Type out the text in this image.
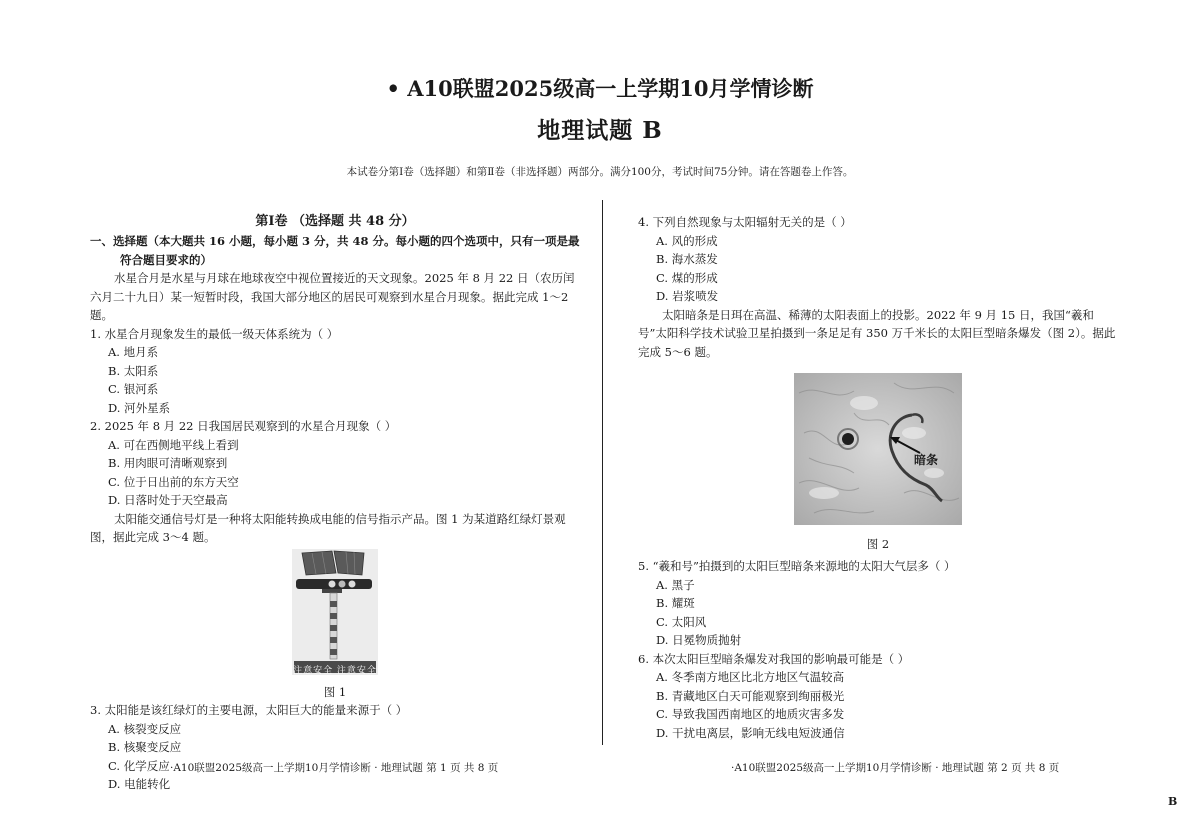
• A10联盟2025级高一上学期10月学情诊断
地理试题 B
本试卷分第Ⅰ卷（选择题）和第Ⅱ卷（非选择题）两部分。满分100分，考试时间75分钟。请在答题卷上作答。
第Ⅰ卷 （选择题 共 48 分）
一、选择题（本大题共 16 小题，每小题 3 分，共 48 分。每小题的四个选项中，只有一项是最符合题目要求的）
水星合月是水星与月球在地球夜空中视位置接近的天文现象。2025 年 8 月 22 日（农历闰六月二十九日）某一短暂时段，我国大部分地区的居民可观察到水星合月现象。据此完成 1～2 题。
1. 水星合月现象发生的最低一级天体系统为（ ）
A. 地月系
B. 太阳系
C. 银河系
D. 河外星系
2. 2025 年 8 月 22 日我国居民观察到的水星合月现象（ ）
A. 可在西侧地平线上看到
B. 用肉眼可清晰观察到
C. 位于日出前的东方天空
D. 日落时处于天空最高
太阳能交通信号灯是一种将太阳能转换成电能的信号指示产品。图 1 为某道路红绿灯景观图，据此完成 3～4 题。
注意安全 注意安全
图 1
3. 太阳能是该红绿灯的主要电源，太阳巨大的能量来源于（ ）
A. 核裂变反应
B. 核聚变反应
C. 化学反应
D. 电能转化
4. 下列自然现象与太阳辐射无关的是（ ）
A. 风的形成
B. 海水蒸发
C. 煤的形成
D. 岩浆喷发
太阳暗条是日珥在高温、稀薄的太阳表面上的投影。2022 年 9 月 15 日，我国“羲和号”太阳科学技术试验卫星拍摄到一条足足有 350 万千米长的太阳巨型暗条爆发（图 2）。据此完成 5～6 题。
暗条
图 2
5. “羲和号”拍摄到的太阳巨型暗条来源地的太阳大气层多（ ）
A. 黑子
B. 耀斑
C. 太阳风
D. 日冕物质抛射
6. 本次太阳巨型暗条爆发对我国的影响最可能是（ ）
A. 冬季南方地区比北方地区气温较高
B. 青藏地区白天可能观察到绚丽极光
C. 导致我国西南地区的地质灾害多发
D. 干扰电离层，影响无线电短波通信
·A10联盟2025级高一上学期10月学情诊断 · 地理试题 第 1 页 共 8 页	·A10联盟2025级高一上学期10月学情诊断 · 地理试题 第 2 页 共 8 页
B
